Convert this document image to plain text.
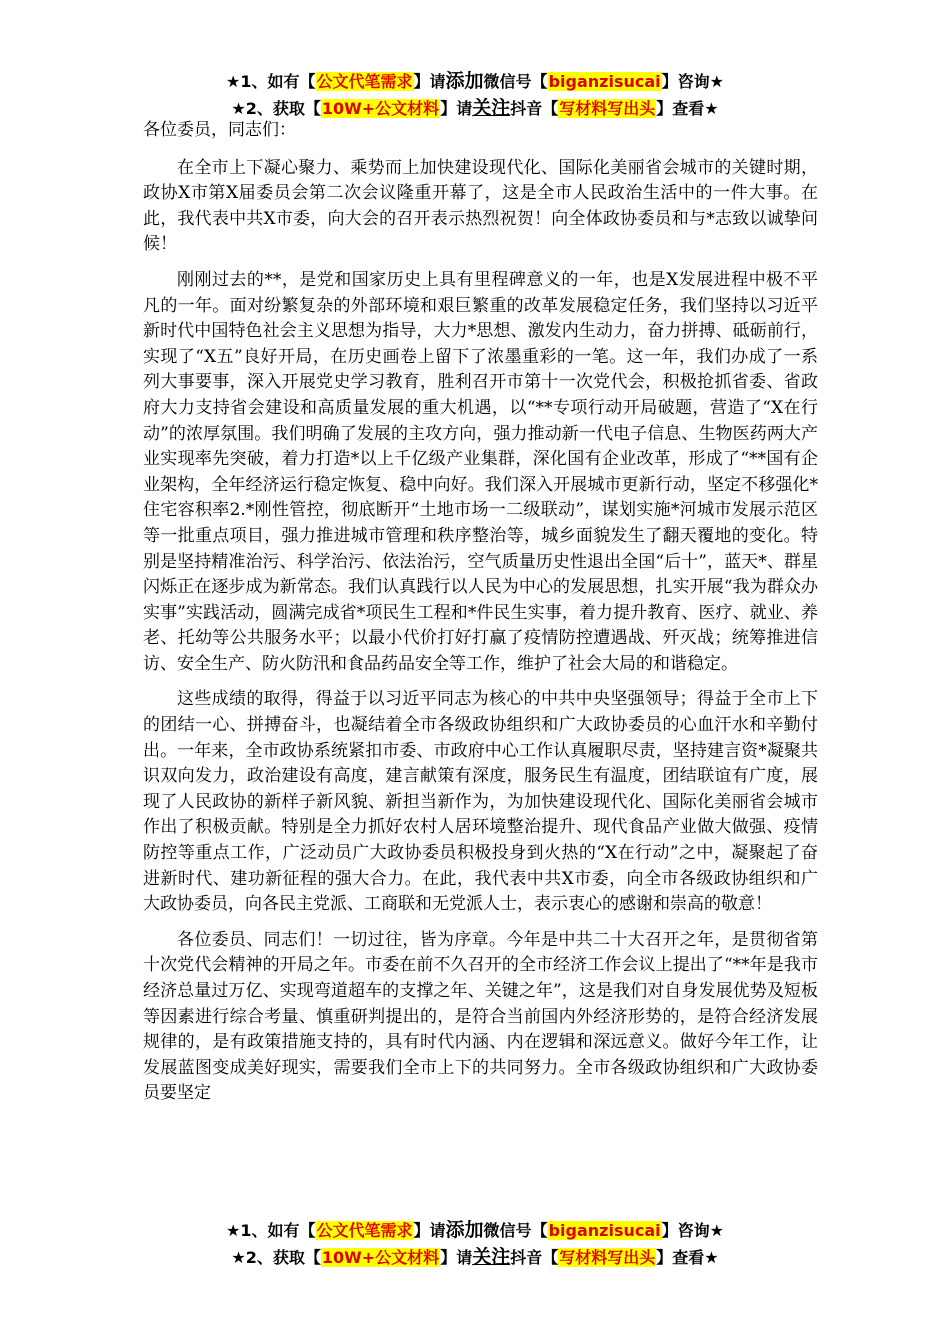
★1、如有【公文代笔需求】请添加微信号【biganzisucai】咨询★
★2、获取【10W+公文材料】请关注抖音【写材料写出头】查看★

各位委员，同志们：

在全市上下凝心聚力、乘势而上加快建设现代化、国际化美丽省会城市的关键时期，政协X市第X届委员会第二次会议隆重开幕了，这是全市人民政治生活中的一件大事。在此，我代表中共X市委，向大会的召开表示热烈祝贺！向全体政协委员和与*志致以诚挚问候！

刚刚过去的**，是党和国家历史上具有里程碑意义的一年，也是X发展进程中极不平凡的一年。面对纷繁复杂的外部环境和艰巨繁重的改革发展稳定任务，我们坚持以习近平新时代中国特色社会主义思想为指导，大力*思想、激发内生动力，奋力拼搏、砥砺前行，实现了“X五”良好开局，在历史画卷上留下了浓墨重彩的一笔。这一年，我们办成了一系列大事要事，深入开展党史学习教育，胜利召开市第十一次党代会，积极抢抓省委、省政府大力支持省会建设和高质量发展的重大机遇，以“**专项行动开局破题，营造了“X在行动”的浓厚氛围。我们明确了发展的主攻方向，强力推动新一代电子信息、生物医药两大产业实现率先突破，着力打造*以上千亿级产业集群，深化国有企业改革，形成了“**国有企业架构，全年经济运行稳定恢复、稳中向好。我们深入开展城市更新行动，坚定不移强化*住宅容积率2.*刚性管控，彻底断开“土地市场一二级联动”，谋划实施*河城市发展示范区等一批重点项目，强力推进城市管理和秩序整治等，城乡面貌发生了翻天覆地的变化。特别是坚持精准治污、科学治污、依法治污，空气质量历史性退出全国“后十”，蓝天*、群星闪烁正在逐步成为新常态。我们认真践行以人民为中心的发展思想，扎实开展“我为群众办实事”实践活动，圆满完成省*项民生工程和*件民生实事，着力提升教育、医疗、就业、养老、托幼等公共服务水平；以最小代价打好打赢了疫情防控遭遇战、歼灭战；统筹推进信访、安全生产、防火防汛和食品药品安全等工作，维护了社会大局的和谐稳定。

这些成绩的取得，得益于以习近平同志为核心的中共中央坚强领导；得益于全市上下的团结一心、拼搏奋斗，也凝结着全市各级政协组织和广大政协委员的心血汗水和辛勤付出。一年来，全市政协系统紧扣市委、市政府中心工作认真履职尽责，坚持建言资*凝聚共识双向发力，政治建设有高度，建言献策有深度，服务民生有温度，团结联谊有广度，展现了人民政协的新样子新风貌、新担当新作为，为加快建设现代化、国际化美丽省会城市作出了积极贡献。特别是全力抓好农村人居环境整治提升、现代食品产业做大做强、疫情防控等重点工作，广泛动员广大政协委员积极投身到火热的“X在行动”之中，凝聚起了奋进新时代、建功新征程的强大合力。在此，我代表中共X市委，向全市各级政协组织和广大政协委员，向各民主党派、工商联和无党派人士，表示衷心的感谢和崇高的敬意！

各位委员、同志们！一切过往，皆为序章。今年是中共二十大召开之年，是贯彻省第十次党代会精神的开局之年。市委在前不久召开的全市经济工作会议上提出了“**年是我市经济总量过万亿、实现弯道超车的支撑之年、关键之年”，这是我们对自身发展优势及短板等因素进行综合考量、慎重研判提出的，是符合当前国内外经济形势的，是符合经济发展规律的，是有政策措施支持的，具有时代内涵、内在逻辑和深远意义。做好今年工作，让发展蓝图变成美好现实，需要我们全市上下的共同努力。全市各级政协组织和广大政协委员要坚定

★1、如有【公文代笔需求】请添加微信号【biganzisucai】咨询★
★2、获取【10W+公文材料】请关注抖音【写材料写出头】查看★
